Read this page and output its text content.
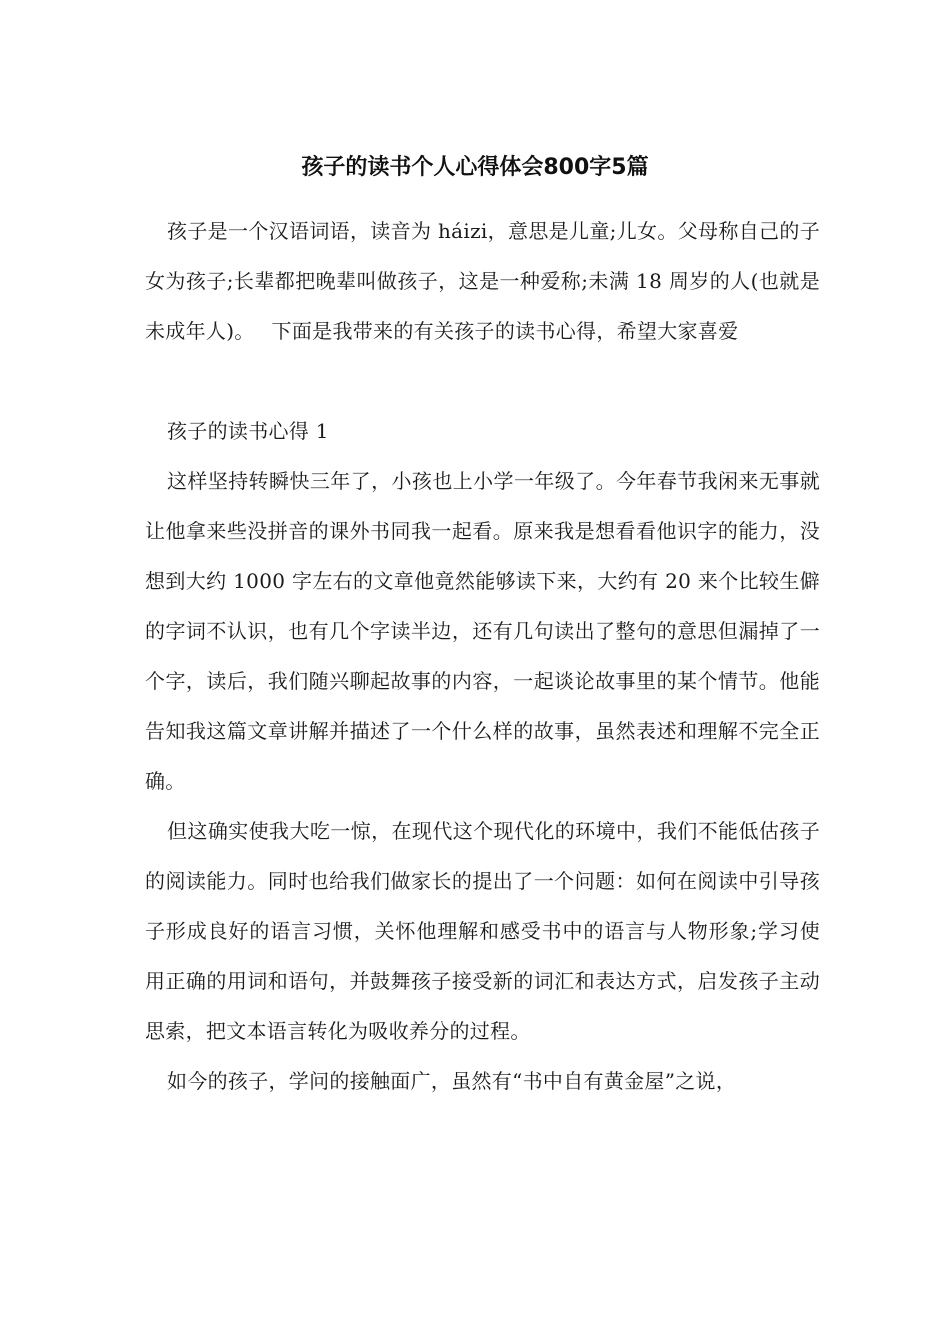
孩子的读书个人心得体会800字5篇

孩子是一个汉语词语，读音为 háizi，意思是儿童;儿女。父母称自己的子女为孩子;长辈都把晚辈叫做孩子，这是一种爱称;未满 18 周岁的人(也就是未成年人)。　 下面是我带来的有关孩子的读书心得，希望大家喜爱

孩子的读书心得 1

这样坚持转瞬快三年了，小孩也上小学一年级了。今年春节我闲来无事就让他拿来些没拼音的课外书同我一起看。原来我是想看看他识字的能力，没想到大约 1000 字左右的文章他竟然能够读下来，大约有 20 来个比较生僻的字词不认识，也有几个字读半边，还有几句读出了整句的意思但漏掉了一个字，读后，我们随兴聊起故事的内容，一起谈论故事里的某个情节。他能告知我这篇文章讲解并描述了一个什么样的故事，虽然表述和理解不完全正确。

但这确实使我大吃一惊，在现代这个现代化的环境中，我们不能低估孩子的阅读能力。同时也给我们做家长的提出了一个问题：如何在阅读中引导孩子形成良好的语言习惯，关怀他理解和感受书中的语言与人物形象;学习使用正确的用词和语句，并鼓舞孩子接受新的词汇和表达方式，启发孩子主动思索，把文本语言转化为吸收养分的过程。

如今的孩子，学问的接触面广，虽然有“书中自有黄金屋”之说，
